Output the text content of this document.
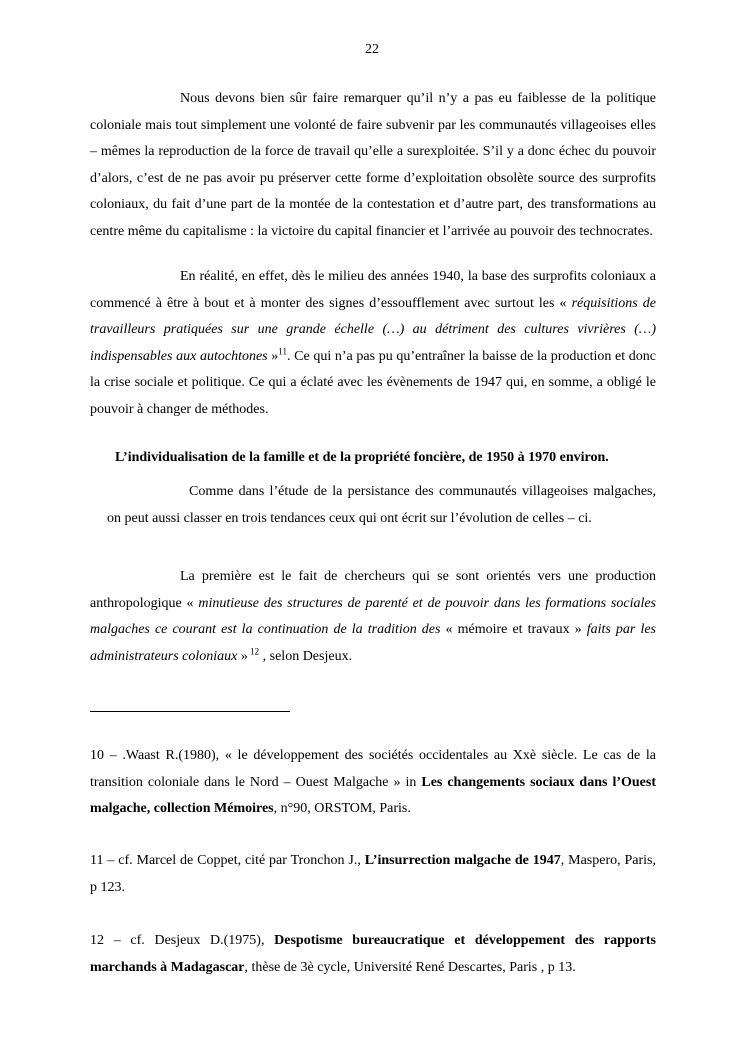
22
Nous devons bien sûr faire remarquer qu’il n’y a pas eu faiblesse de la politique coloniale mais tout simplement une volonté de faire subvenir par les communautés villageoises elles – mêmes la reproduction de la force de travail qu’elle a surexploitée. S’il y a donc échec du pouvoir d’alors, c’est de ne pas avoir pu préserver cette forme d’exploitation obsolète source des surprofits coloniaux, du fait d’une part de la montée de la contestation et d’autre part, des transformations au centre même du capitalisme : la victoire du capital financier et l’arrivée au pouvoir des technocrates.
En réalité, en effet, dès le milieu des années 1940, la base des surprofits coloniaux a commencé à être à bout et à monter des signes d’essoufflement avec surtout les « réquisitions de travailleurs pratiquées sur une grande échelle (…) au détriment des cultures vivrières (…) indispensables aux autochtones »$^{11}$. Ce qui n’a pas pu qu’entraîner la baisse de la production et donc la crise sociale et politique. Ce qui a éclaté avec les évènements de 1947 qui, en somme, a obligé le pouvoir à changer de méthodes.
L’individualisation de la famille et de la propriété foncière, de 1950 à 1970 environ.
Comme dans l’étude de la persistance des communautés villageoises malgaches, on peut aussi classer en trois tendances ceux qui ont écrit sur l’évolution de celles – ci.
La première est le fait de chercheurs qui se sont orientés vers une production anthropologique « minutieuse des structures de parenté et de pouvoir dans les formations sociales malgaches ce courant est la continuation de la tradition des « mémoire et travaux » faits par les administrateurs coloniaux » $^{12}$ , selon Desjeux.
10 – .Waast R.(1980), « le développement des sociétés occidentales au Xxè siècle. Le cas de la transition coloniale dans le Nord – Ouest Malgache » in Les changements sociaux dans l’Ouest malgache, collection Mémoires, n°90, ORSTOM, Paris.
11 – cf. Marcel de Coppet, cité par Tronchon J., L’insurrection malgache de 1947, Maspero, Paris, p 123.
12 – cf. Desjeux D.(1975), Despotisme bureaucratique et développement des rapports marchands à Madagascar, thèse de 3è cycle, Université René Descartes, Paris , p 13.
